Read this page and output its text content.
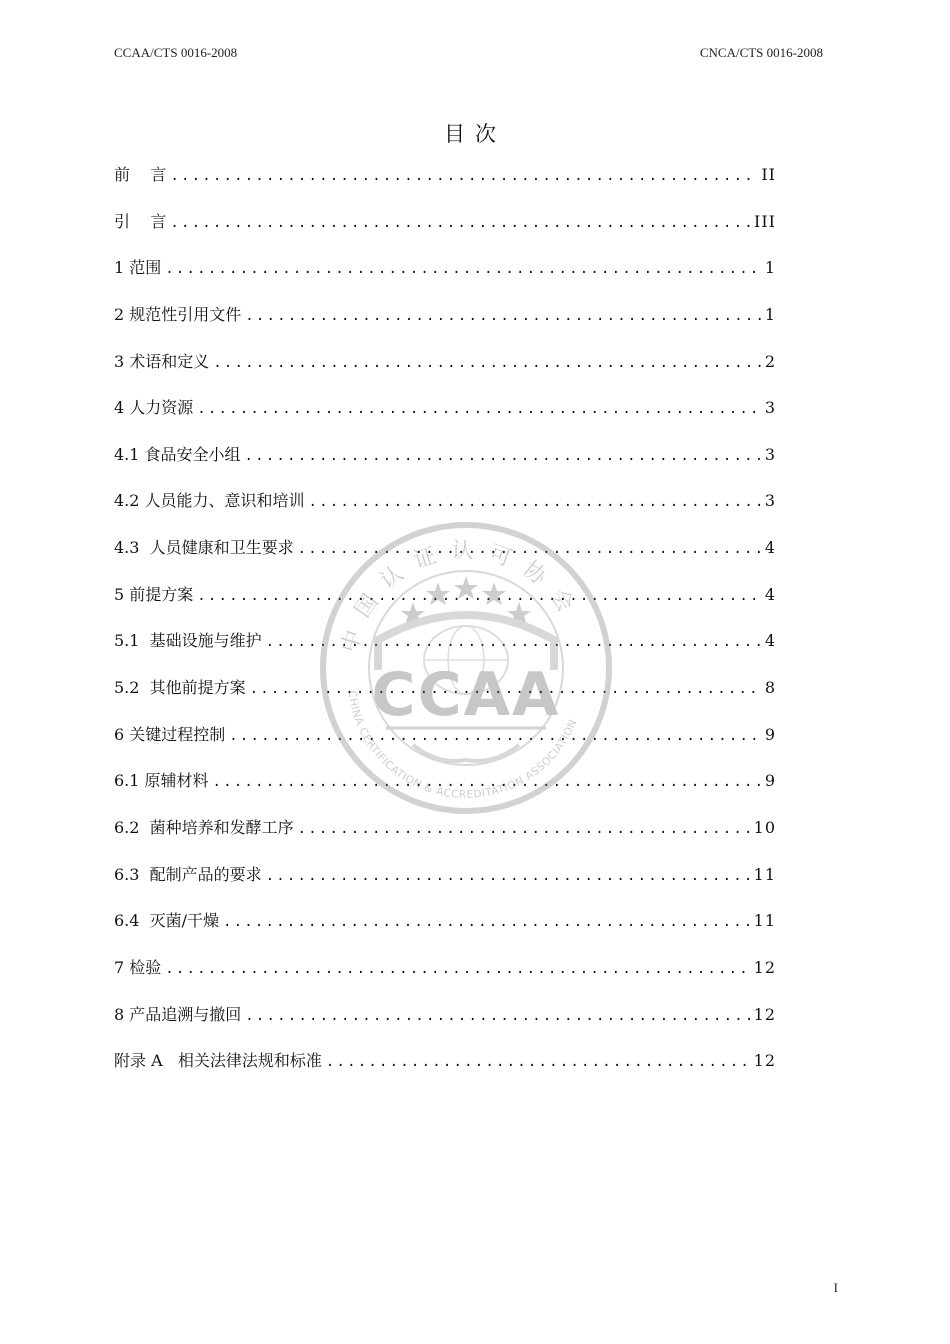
CCAA/CTS 0016-2008	CNCA/CTS 0016-2008
目次
前    言 .....	II
引    言 .....	III
1 范围 .....	1
2 规范性引用文件 .....	1
3 术语和定义 .....	2
4 人力资源 .....	3
4.1 食品安全小组 .....	3
4.2 人员能力、意识和培训 .....	3
4.3  人员健康和卫生要求 .....	4
5 前提方案 .....	4
5.1  基础设施与维护 .....	4
5.2  其他前提方案 .....	8
6 关键过程控制 .....	9
6.1 原辅材料 .....	9
6.2  菌种培养和发酵工序 .....	10
6.3  配制产品的要求 .....	11
6.4  灭菌/干燥 .....	11
7 检验 .....	12
8 产品追溯与撤回 .....	12
附录 A   相关法律法规和标准 .....	12
中国认证认可协会
CHINA CERTIFICATION & ACCREDITATION ASSOCIATION
CCAA
I
